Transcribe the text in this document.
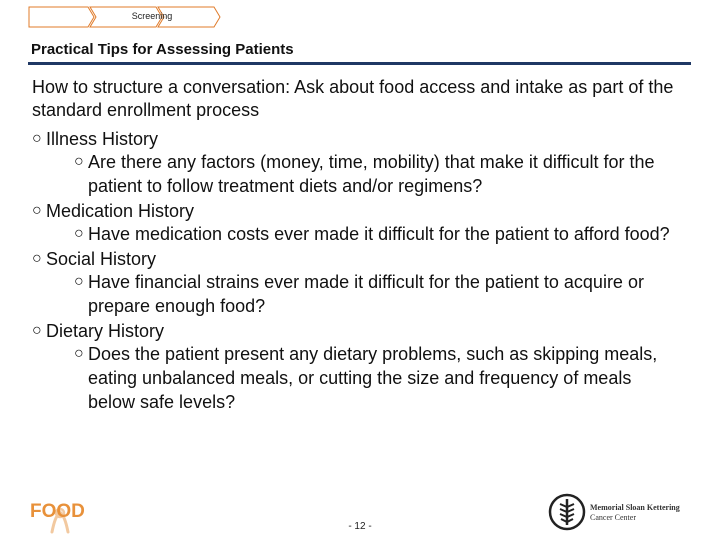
Screening
Practical Tips for Assessing Patients

How to structure a conversation: Ask about food access and intake as part of the standard enrollment process

○ Illness History
○ Are there any factors (money, time, mobility) that make it difficult for the patient to follow treatment diets and/or regimens?
○ Medication History
○ Have medication costs ever made it difficult for the patient to afford food?
○ Social History
○ Have financial strains ever made it difficult for the patient to acquire or prepare enough food?
○ Dietary History
○ Does the patient present any dietary problems, such as skipping meals, eating unbalanced meals, or cutting the size and frequency of meals below safe levels?
FOOD
- 12 -
Memorial Sloan Kettering
Cancer Center
